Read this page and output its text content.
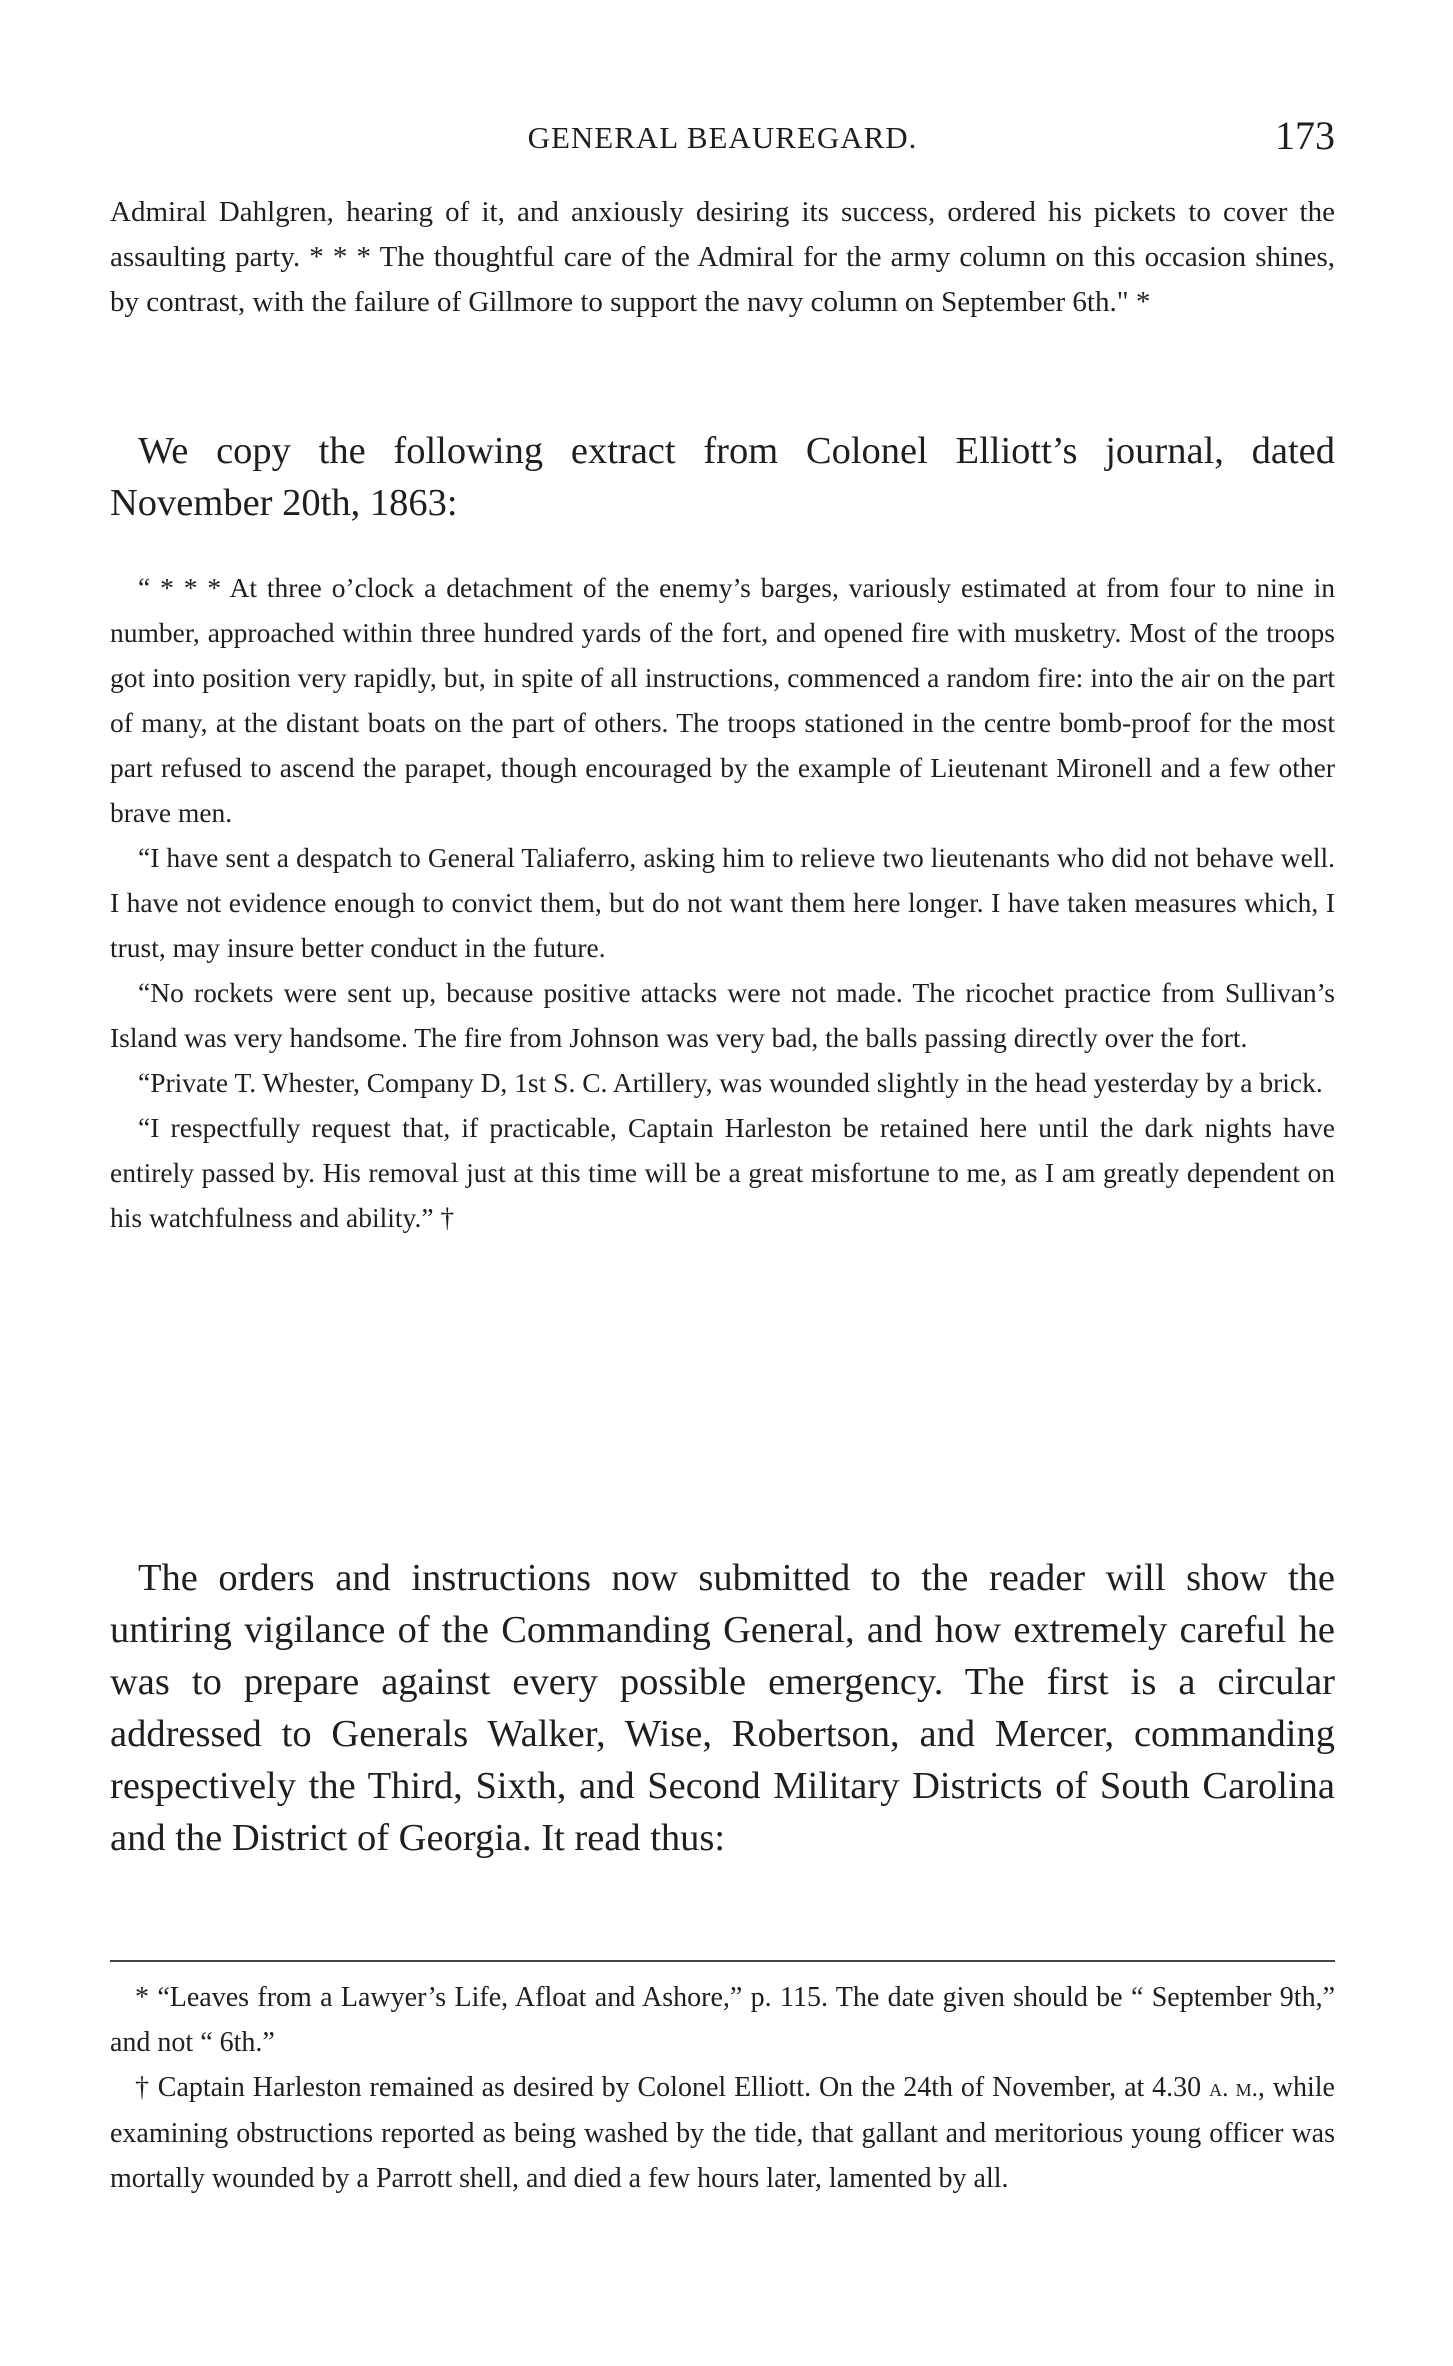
GENERAL BEAUREGARD.	173

Admiral Dahlgren, hearing of it, and anxiously desiring its success, ordered his pickets to cover the assaulting party. * * * The thoughtful care of the Admiral for the army column on this occasion shines, by contrast, with the failure of Gillmore to support the navy column on September 6th." *

We copy the following extract from Colonel Elliott’s journal, dated November 20th, 1863:

“ * * * At three o’clock a detachment of the enemy’s barges, variously estimated at from four to nine in number, approached within three hundred yards of the fort, and opened fire with musketry. Most of the troops got into position very rapidly, but, in spite of all instructions, commenced a random fire: into the air on the part of many, at the distant boats on the part of others. The troops stationed in the centre bomb-proof for the most part refused to ascend the parapet, though encouraged by the example of Lieutenant Mironell and a few other brave men.

“I have sent a despatch to General Taliaferro, asking him to relieve two lieutenants who did not behave well. I have not evidence enough to convict them, but do not want them here longer. I have taken measures which, I trust, may insure better conduct in the future.

“No rockets were sent up, because positive attacks were not made. The ricochet practice from Sullivan’s Island was very handsome. The fire from Johnson was very bad, the balls passing directly over the fort.

“Private T. Whester, Company D, 1st S. C. Artillery, was wounded slightly in the head yesterday by a brick.

“I respectfully request that, if practicable, Captain Harleston be retained here until the dark nights have entirely passed by. His removal just at this time will be a great misfortune to me, as I am greatly dependent on his watchfulness and ability.” †

The orders and instructions now submitted to the reader will show the untiring vigilance of the Commanding General, and how extremely careful he was to prepare against every possible emergency. The first is a circular addressed to Generals Walker, Wise, Robertson, and Mercer, commanding respectively the Third, Sixth, and Second Military Districts of South Carolina and the District of Georgia. It read thus:

* “Leaves from a Lawyer’s Life, Afloat and Ashore,” p. 115. The date given should be “ September 9th,” and not “ 6th.”

† Captain Harleston remained as desired by Colonel Elliott. On the 24th of November, at 4.30 a. m., while examining obstructions reported as being washed by the tide, that gallant and meritorious young officer was mortally wounded by a Parrott shell, and died a few hours later, lamented by all.
